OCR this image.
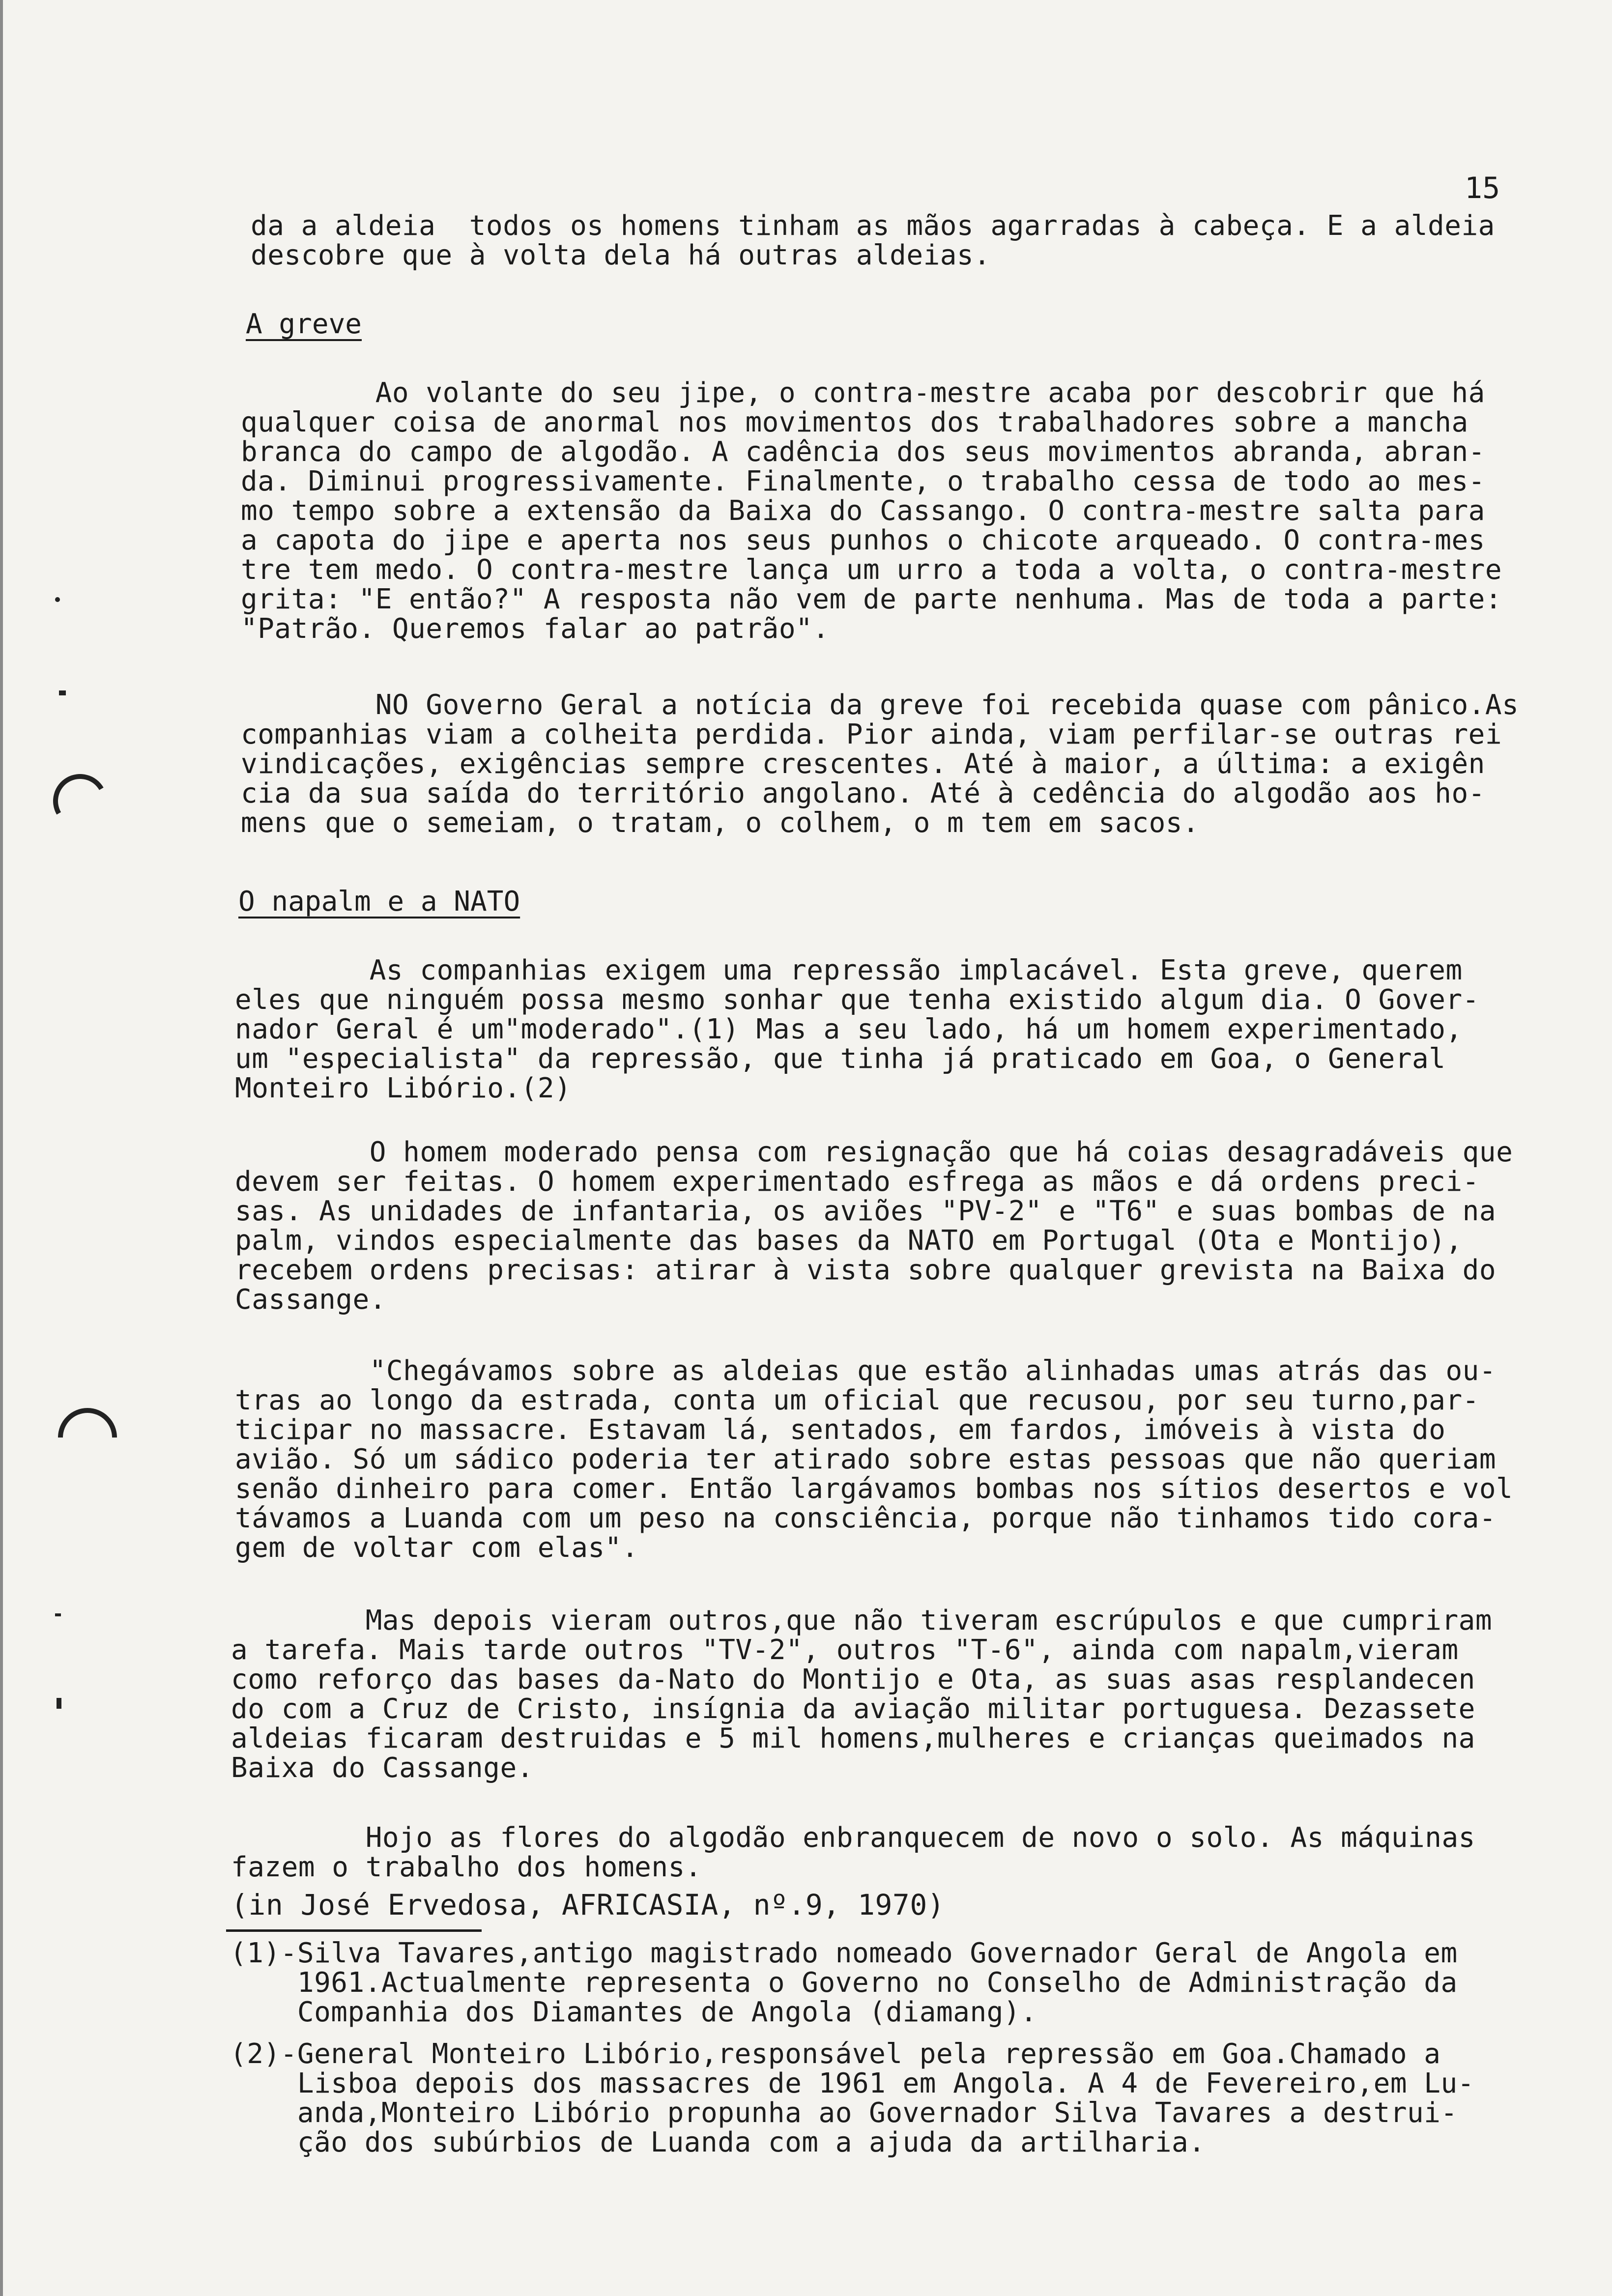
15

da a aldeia  todos os homens tinham as mãos agarradas à cabeça. E a aldeia
descobre que à volta dela há outras aldeias.

A greve

Ao volante do seu jipe, o contra-mestre acaba por descobrir que há
qualquer coisa de anormal nos movimentos dos trabalhadores sobre a mancha
branca do campo de algodão. A cadência dos seus movimentos abranda, abran-
da. Diminui progressivamente. Finalmente, o trabalho cessa de todo ao mes-
mo tempo sobre a extensão da Baixa do Cassango. O contra-mestre salta para
a capota do jipe e aperta nos seus punhos o chicote arqueado. O contra-mes
tre tem medo. O contra-mestre lança um urro a toda a volta, o contra-mestre
grita: "E então?" A resposta não vem de parte nenhuma. Mas de toda a parte:
"Patrão. Queremos falar ao patrão".

NO Governo Geral a notícia da greve foi recebida quase com pânico.As
companhias viam a colheita perdida. Pior ainda, viam perfilar-se outras rei
vindicações, exigências sempre crescentes. Até à maior, a última: a exigên
cia da sua saída do território angolano. Até à cedência do algodão aos ho-
mens que o semeiam, o tratam, o colhem, o m tem em sacos.

O napalm e a NATO

As companhias exigem uma repressão implacável. Esta greve, querem
eles que ninguém possa mesmo sonhar que tenha existido algum dia. O Gover-
nador Geral é um"moderado".(1) Mas a seu lado, há um homem experimentado,
um "especialista" da repressão, que tinha já praticado em Goa, o General
Monteiro Libório.(2)

O homem moderado pensa com resignação que há coias desagradáveis que
devem ser feitas. O homem experimentado esfrega as mãos e dá ordens preci-
sas. As unidades de infantaria, os aviões "PV-2" e "T6" e suas bombas de na
palm, vindos especialmente das bases da NATO em Portugal (Ota e Montijo),
recebem ordens precisas: atirar à vista sobre qualquer grevista na Baixa do
Cassange.

"Chegávamos sobre as aldeias que estão alinhadas umas atrás das ou-
tras ao longo da estrada, conta um oficial que recusou, por seu turno,par-
ticipar no massacre. Estavam lá, sentados, em fardos, imóveis à vista do
avião. Só um sádico poderia ter atirado sobre estas pessoas que não queriam
senão dinheiro para comer. Então largávamos bombas nos sítios desertos e vol
távamos a Luanda com um peso na consciência, porque não tinhamos tido cora-
gem de voltar com elas".

Mas depois vieram outros,que não tiveram escrúpulos e que cumpriram
a tarefa. Mais tarde outros "TV-2", outros "T-6", ainda com napalm,vieram
como reforço das bases da-Nato do Montijo e Ota, as suas asas resplandecen
do com a Cruz de Cristo, insígnia da aviação militar portuguesa. Dezassete
aldeias ficaram destruidas e 5 mil homens,mulheres e crianças queimados na
Baixa do Cassange.

Hojo as flores do algodão enbranquecem de novo o solo. As máquinas
fazem o trabalho dos homens.

(in José Ervedosa, AFRICASIA, nº.9, 1970)

(1)-Silva Tavares,antigo magistrado nomeado Governador Geral de Angola em
1961.Actualmente representa o Governo no Conselho de Administração da
Companhia dos Diamantes de Angola (diamang).

(2)-General Monteiro Libório,responsável pela repressão em Goa.Chamado a
Lisboa depois dos massacres de 1961 em Angola. A 4 de Fevereiro,em Lu-
anda,Monteiro Libório propunha ao Governador Silva Tavares a destrui-
ção dos subúrbios de Luanda com a ajuda da artilharia.
